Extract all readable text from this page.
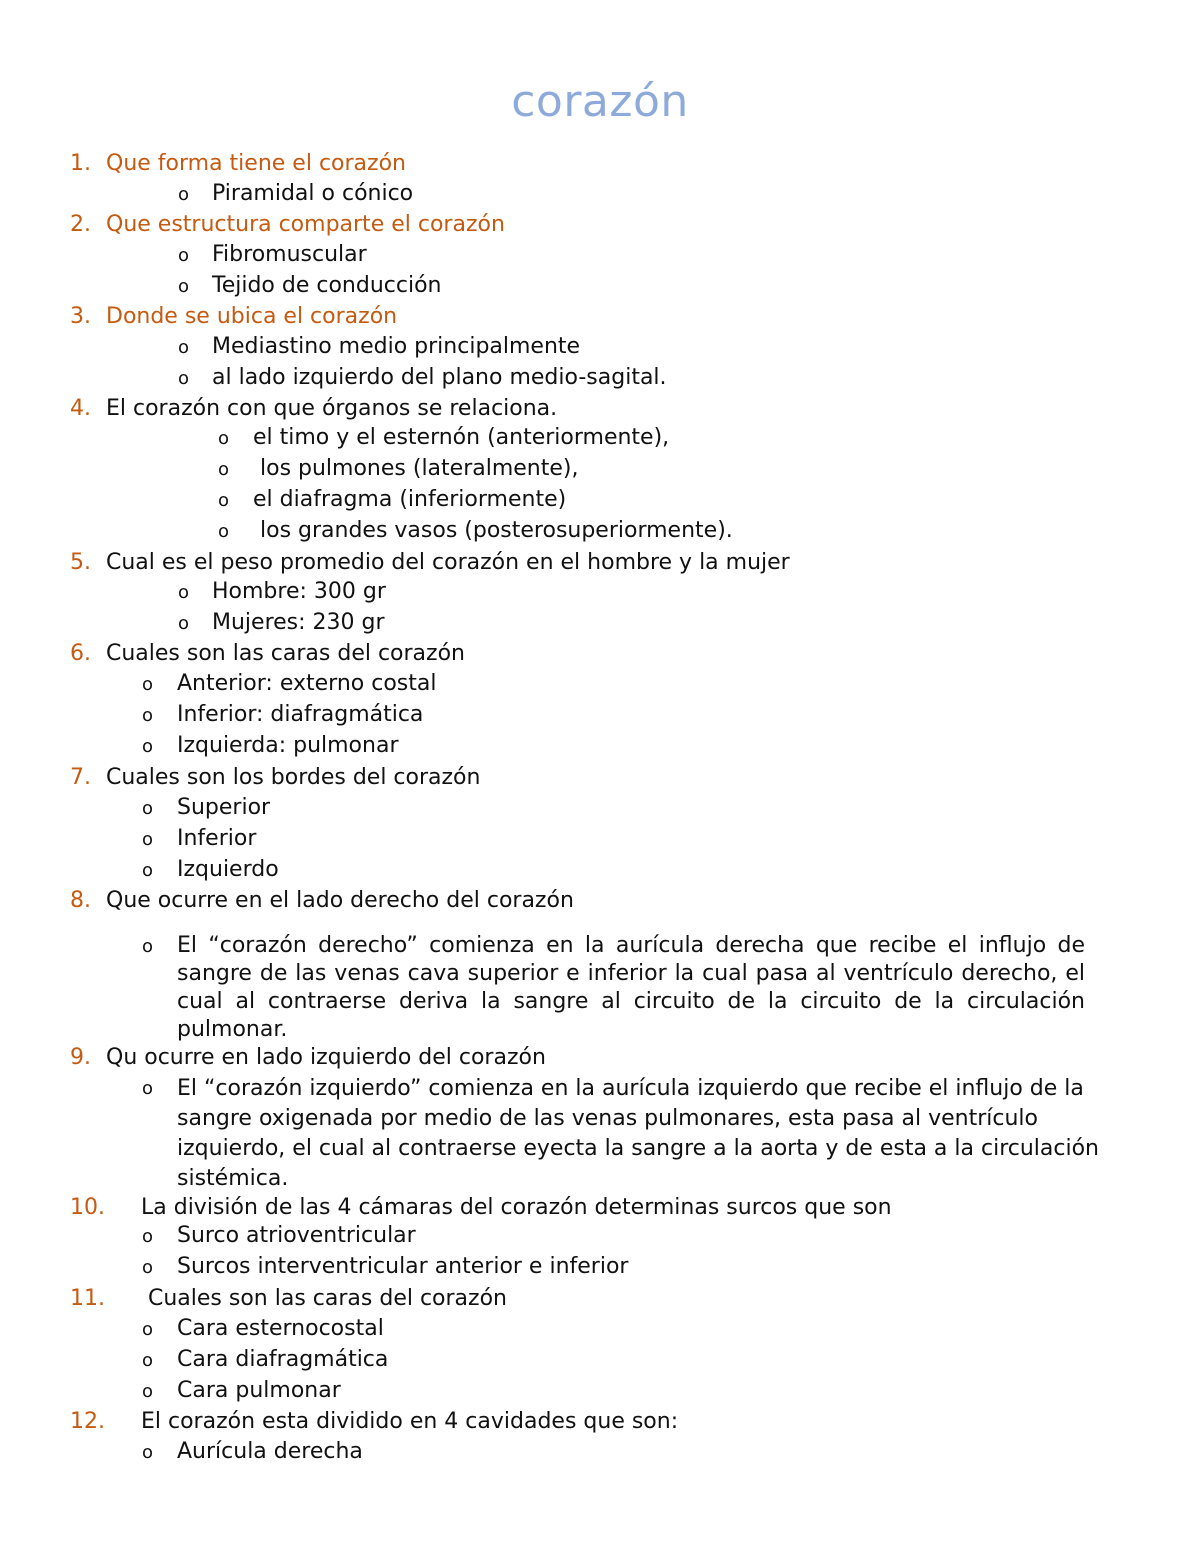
corazón
1. Que forma tiene el corazón
o Piramidal o cónico
2. Que estructura comparte el corazón
o Fibromuscular
o Tejido de conducción
3. Donde se ubica el corazón
o Mediastino medio principalmente
o al lado izquierdo del plano medio-sagital.
4. El corazón con que órganos se relaciona.
o el timo y el esternón (anteriormente),
o los pulmones (lateralmente),
o el diafragma (inferiormente)
o los grandes vasos (posterosuperiormente).
5. Cual es el peso promedio del corazón en el hombre y la mujer
o Hombre: 300 gr
o Mujeres: 230 gr
6. Cuales son las caras del corazón
o Anterior: externo costal
o Inferior: diafragmática
o Izquierda: pulmonar
7. Cuales son los bordes del corazón
o Superior
o Inferior
o Izquierdo
8. Que ocurre en el lado derecho del corazón
o El “corazón derecho” comienza en la aurícula derecha que recibe el influjo de sangre de las venas cava superior e inferior la cual pasa al ventrículo derecho, el cual al contraerse deriva la sangre al circuito de la circuito de la circulación pulmonar.
9. Qu ocurre en lado izquierdo del corazón
o El “corazón izquierdo” comienza en la aurícula izquierdo que recibe el influjo de la sangre oxigenada por medio de las venas pulmonares, esta pasa al ventrículo izquierdo, el cual al contraerse eyecta la sangre a la aorta y de esta a la circulación sistémica.
10. La división de las 4 cámaras del corazón determinas surcos que son
o Surco atrioventricular
o Surcos interventricular anterior e inferior
11. Cuales son las caras del corazón
o Cara esternocostal
o Cara diafragmática
o Cara pulmonar
12. El corazón esta dividido en 4 cavidades que son:
o Aurícula derecha
